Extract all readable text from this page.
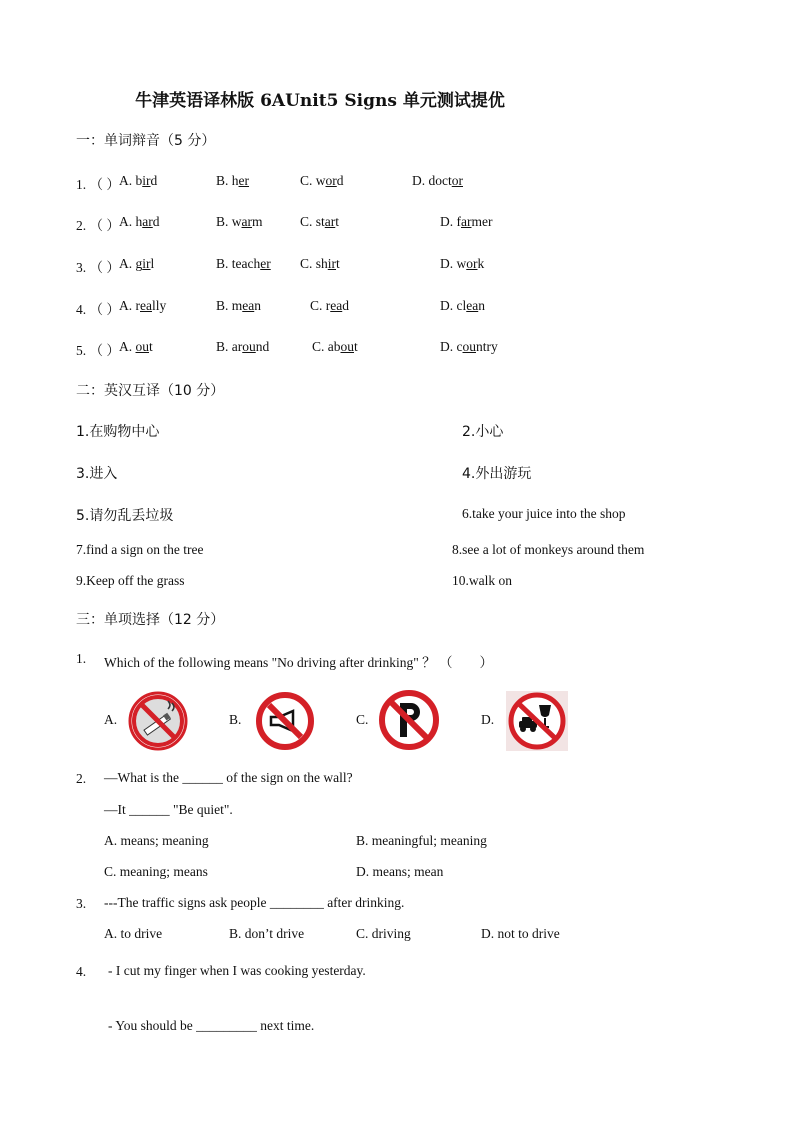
牛津英语译林版 6AUnit5 Signs 单元测试提优
一：单词辩音（5 分）
1. （ ） A. bird	B. her	C. word	D. doctor
2. （ ） A. hard	B. warm	C. start	D. farmer
3. （ ） A. girl	B. teacher C. shirt	D. work
4. （ ） A. really	B. mean	C. read	D. clean
5. （ ） A. out	B. around	C. about	D. country
二：英汉互译（10 分）
1.在购物中心	2.小心
3.进入	4.外出游玩
5.请勿乱丢垃圾	6.take your juice into the shop
7.find a sign on the tree	8.see a lot of monkeys around them
9.Keep off the grass	10.walk on
三：单项选择（12 分）
1. Which of the following means "No driving after drinking" ？ （　　）
A.	B.	C.	D.
2. —What is the ______ of the sign on the wall?
—It ______ "Be quiet".
A. means; meaning	B. meaningful; meaning
C. meaning; means	D. means; mean
3. ---The traffic signs ask people ________ after drinking.
A. to drive	B. don’t drive	C. driving	D. not to drive
4. - I cut my finger when I was cooking yesterday.
- You should be _________ next time.
